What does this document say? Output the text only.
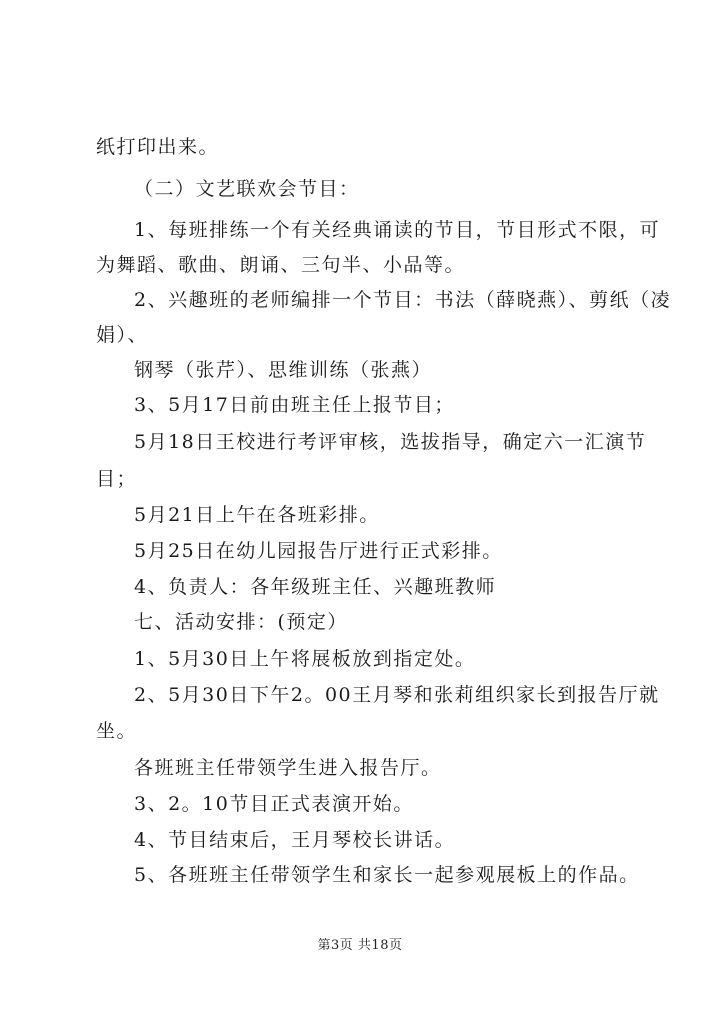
纸打印出来。
（二）文艺联欢会节目：
1、每班排练一个有关经典诵读的节目，节目形式不限，可
为舞蹈、歌曲、朗诵、三句半、小品等。
2、兴趣班的老师编排一个节目：书法（薛晓燕）、剪纸（凌
娟）、
钢琴（张芹）、思维训练（张燕）
3、5月17日前由班主任上报节目；
5月18日王校进行考评审核，选拔指导，确定六一汇演节
目；
5月21日上午在各班彩排。
5月25日在幼儿园报告厅进行正式彩排。
4、负责人：各年级班主任、兴趣班教师
七、活动安排：(预定）
1、5月30日上午将展板放到指定处。
2、5月30日下午2。00王月琴和张莉组织家长到报告厅就
坐。
各班班主任带领学生进入报告厅。
3、2。10节目正式表演开始。
4、节目结束后，王月琴校长讲话。
5、各班班主任带领学生和家长一起参观展板上的作品。
第3页 共18页
